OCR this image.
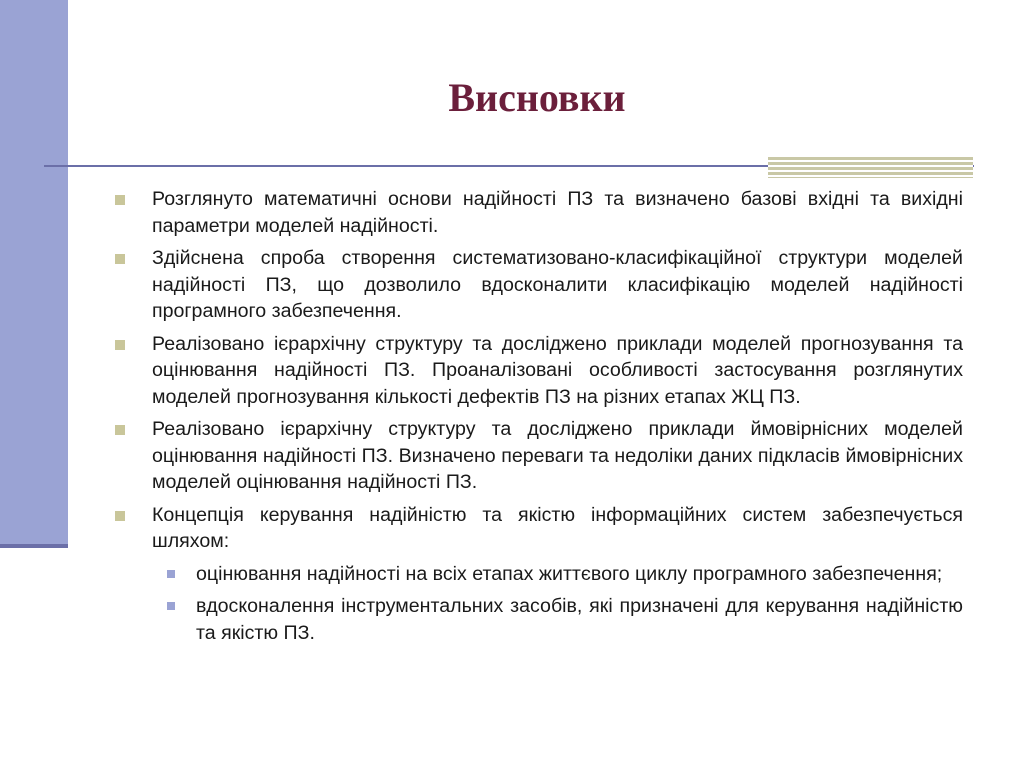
Висновки
Розглянуто математичні основи надійності ПЗ та визначено базові вхідні та вихідні параметри моделей надійності.
Здійснена спроба створення систематизовано-класифікаційної структури моделей надійності ПЗ, що дозволило вдосконалити класифікацію моделей надійності програмного забезпечення.
Реалізовано ієрархічну структуру та досліджено приклади моделей прогнозування та оцінювання надійності ПЗ. Проаналізовані особливості застосування розглянутих моделей прогнозування кількості дефектів ПЗ на різних етапах ЖЦ ПЗ.
Реалізовано ієрархічну структуру та досліджено приклади ймовірнісних моделей оцінювання надійності ПЗ. Визначено переваги та недоліки даних підкласів ймовірнісних моделей оцінювання надійності ПЗ.
Концепція керування надійністю та якістю інформаційних систем забезпечується шляхом:
оцінювання надійності на всіх етапах життєвого циклу програмного забезпечення;
вдосконалення інструментальних засобів, які призначені для керування надійністю та якістю ПЗ.
